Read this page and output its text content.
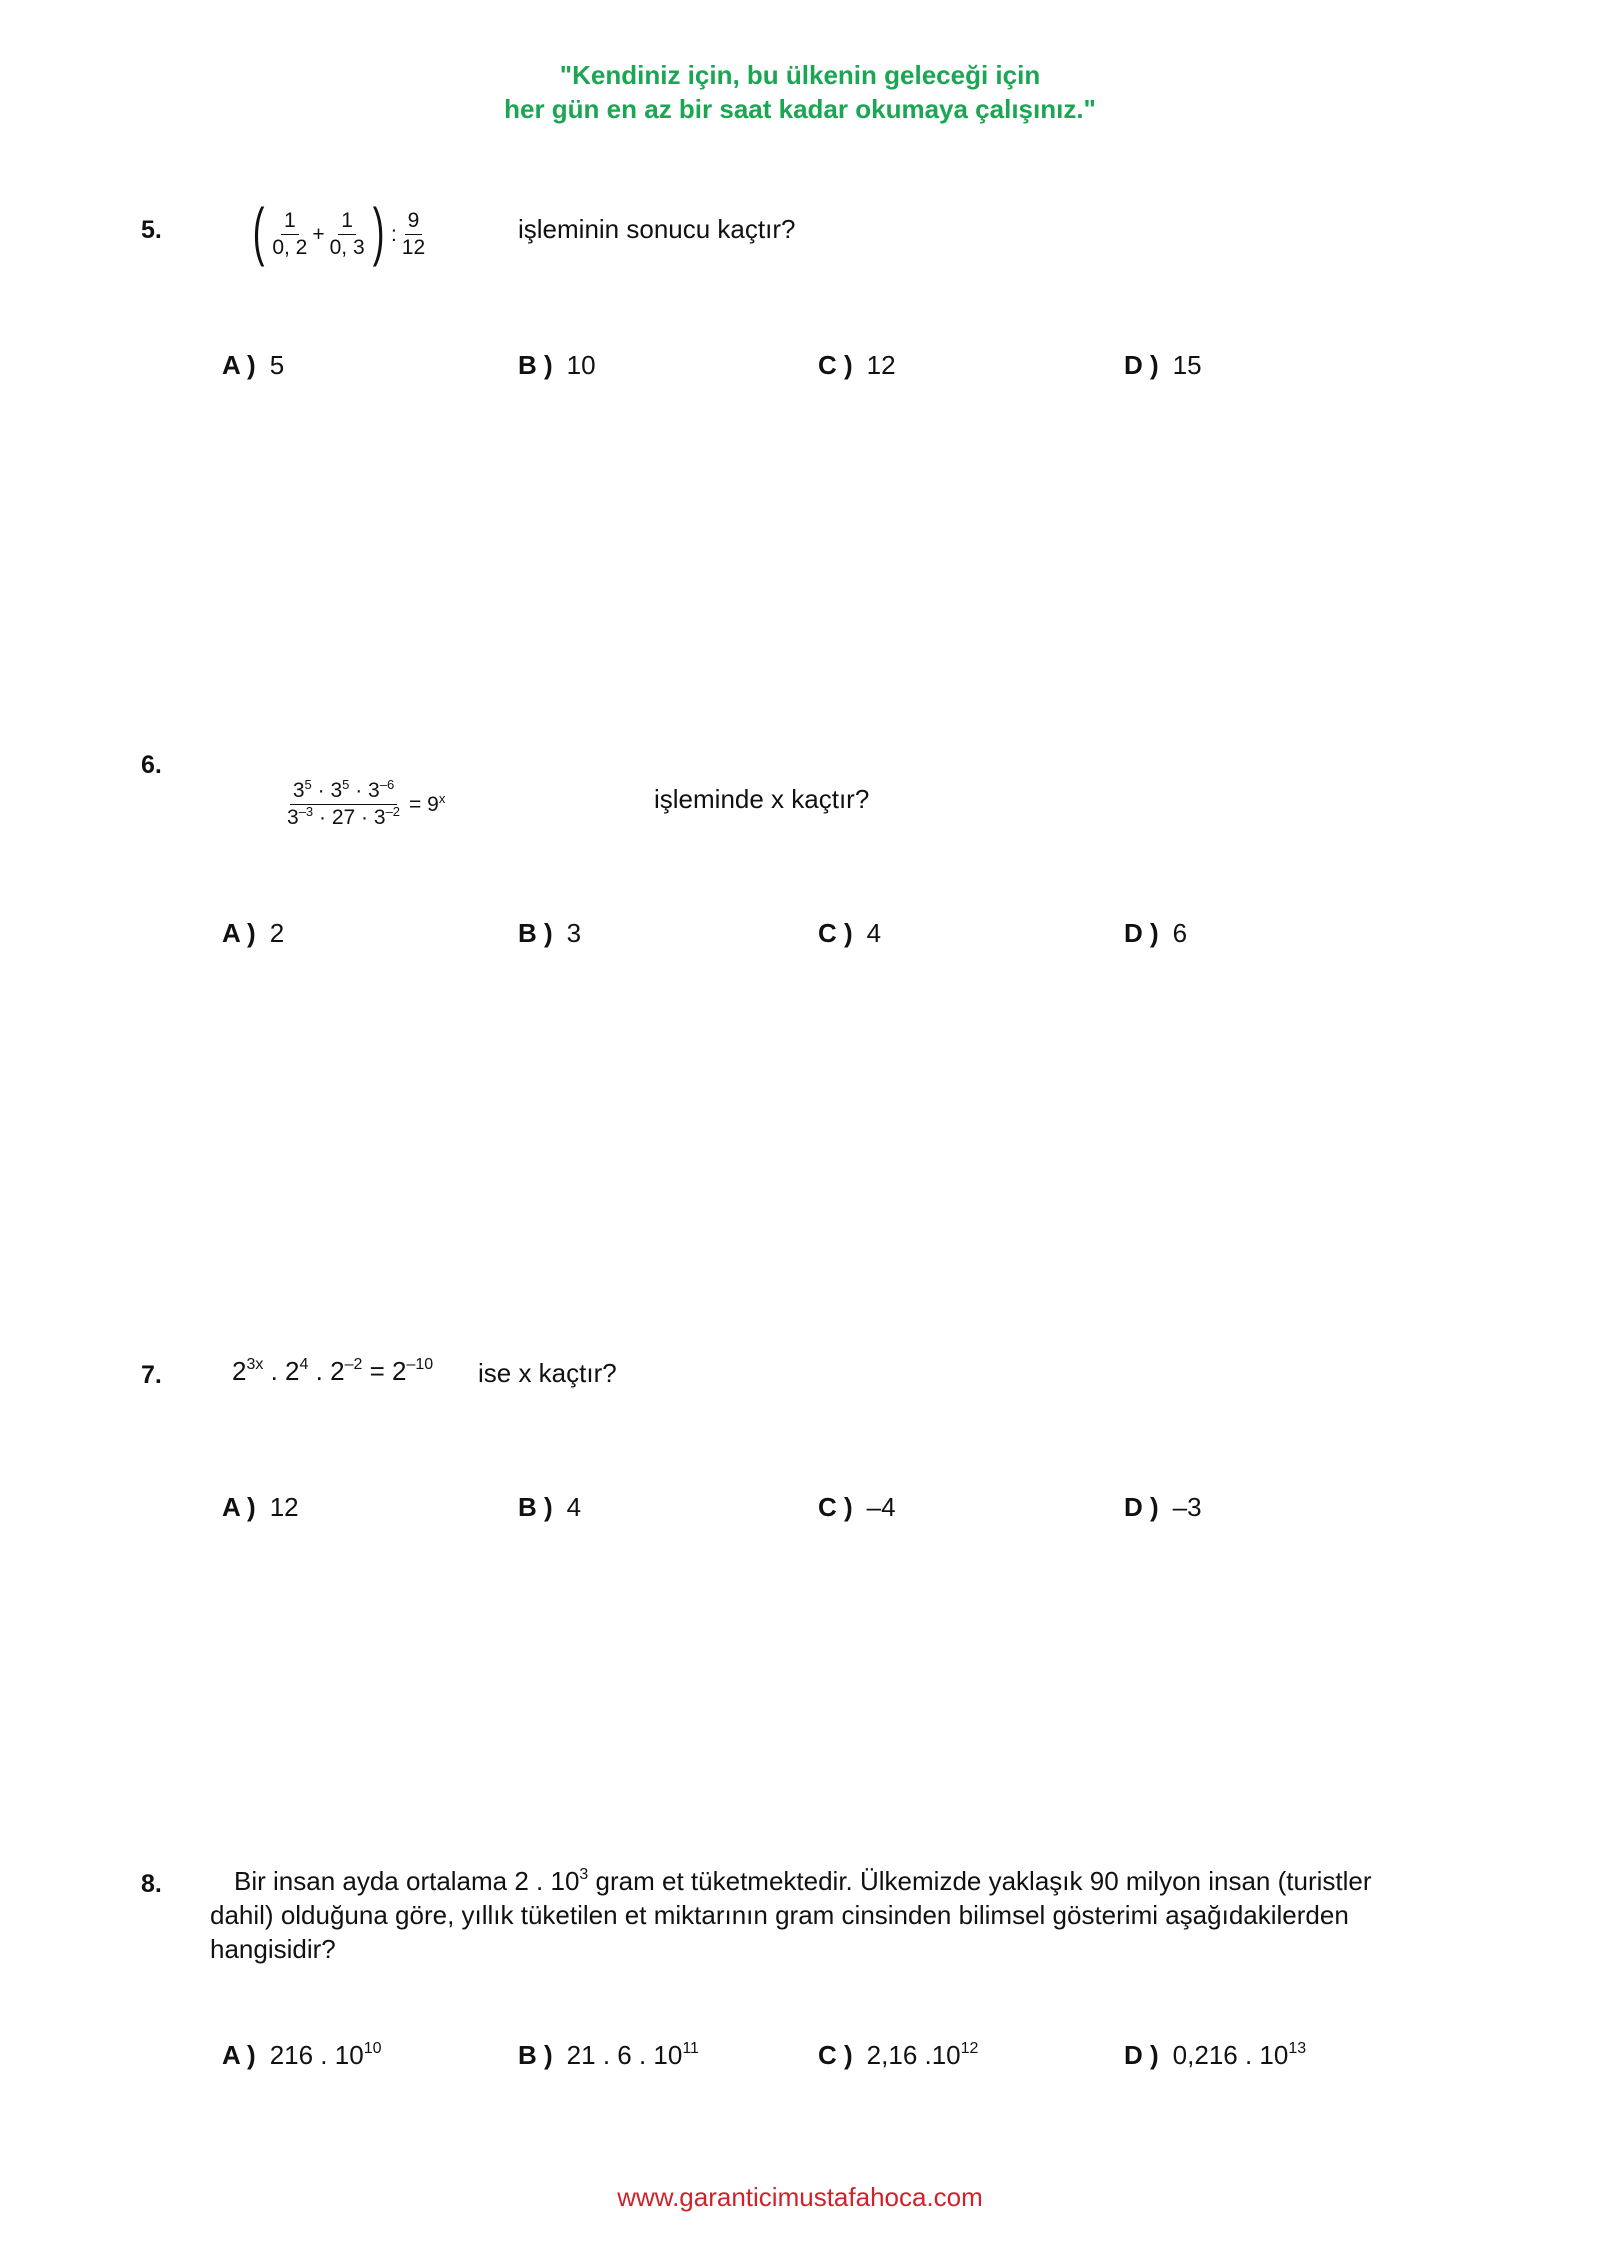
"Kendiniz için, bu ülkenin geleceği için
her gün en az bir saat kadar okumaya çalışınız."
5. ( $\frac{1}{0, 2} + \frac{1}{0, 3}$ ) : $\frac{9}{12}$	işleminin sonucu kaçtır?
A ) 5	B ) 10	C ) 12	D ) 15
6.
$\frac{3^5 \cdot 3^5 \cdot 3^{-6}}{3^{-3} \cdot 27 \cdot 3^{-2}} = 9^x$	işleminde x kaçtır?
A ) 2	B ) 3	C ) 4	D ) 6
7.	$2^{3x}$ . $2^4$ . $2^{-2} = 2^{-10}$ ise x kaçtır?
A ) 12	B ) 4	C ) –4	D ) –3
8.	Bir insan ayda ortalama 2 . $10^3$ gram et tüketmektedir. Ülkemizde yaklaşık 90 milyon insan (turistler dahil) olduğuna göre, yıllık tüketilen et miktarının gram cinsinden bilimsel gösterimi aşağıdakilerden hangisidir?
A ) 216 . $10^{10}$	B ) 21 . 6 . $10^{11}$	C ) 2,16 $.10^{12}$	D ) 0,216 . $10^{13}$
www.garanticimustafahoca.com
